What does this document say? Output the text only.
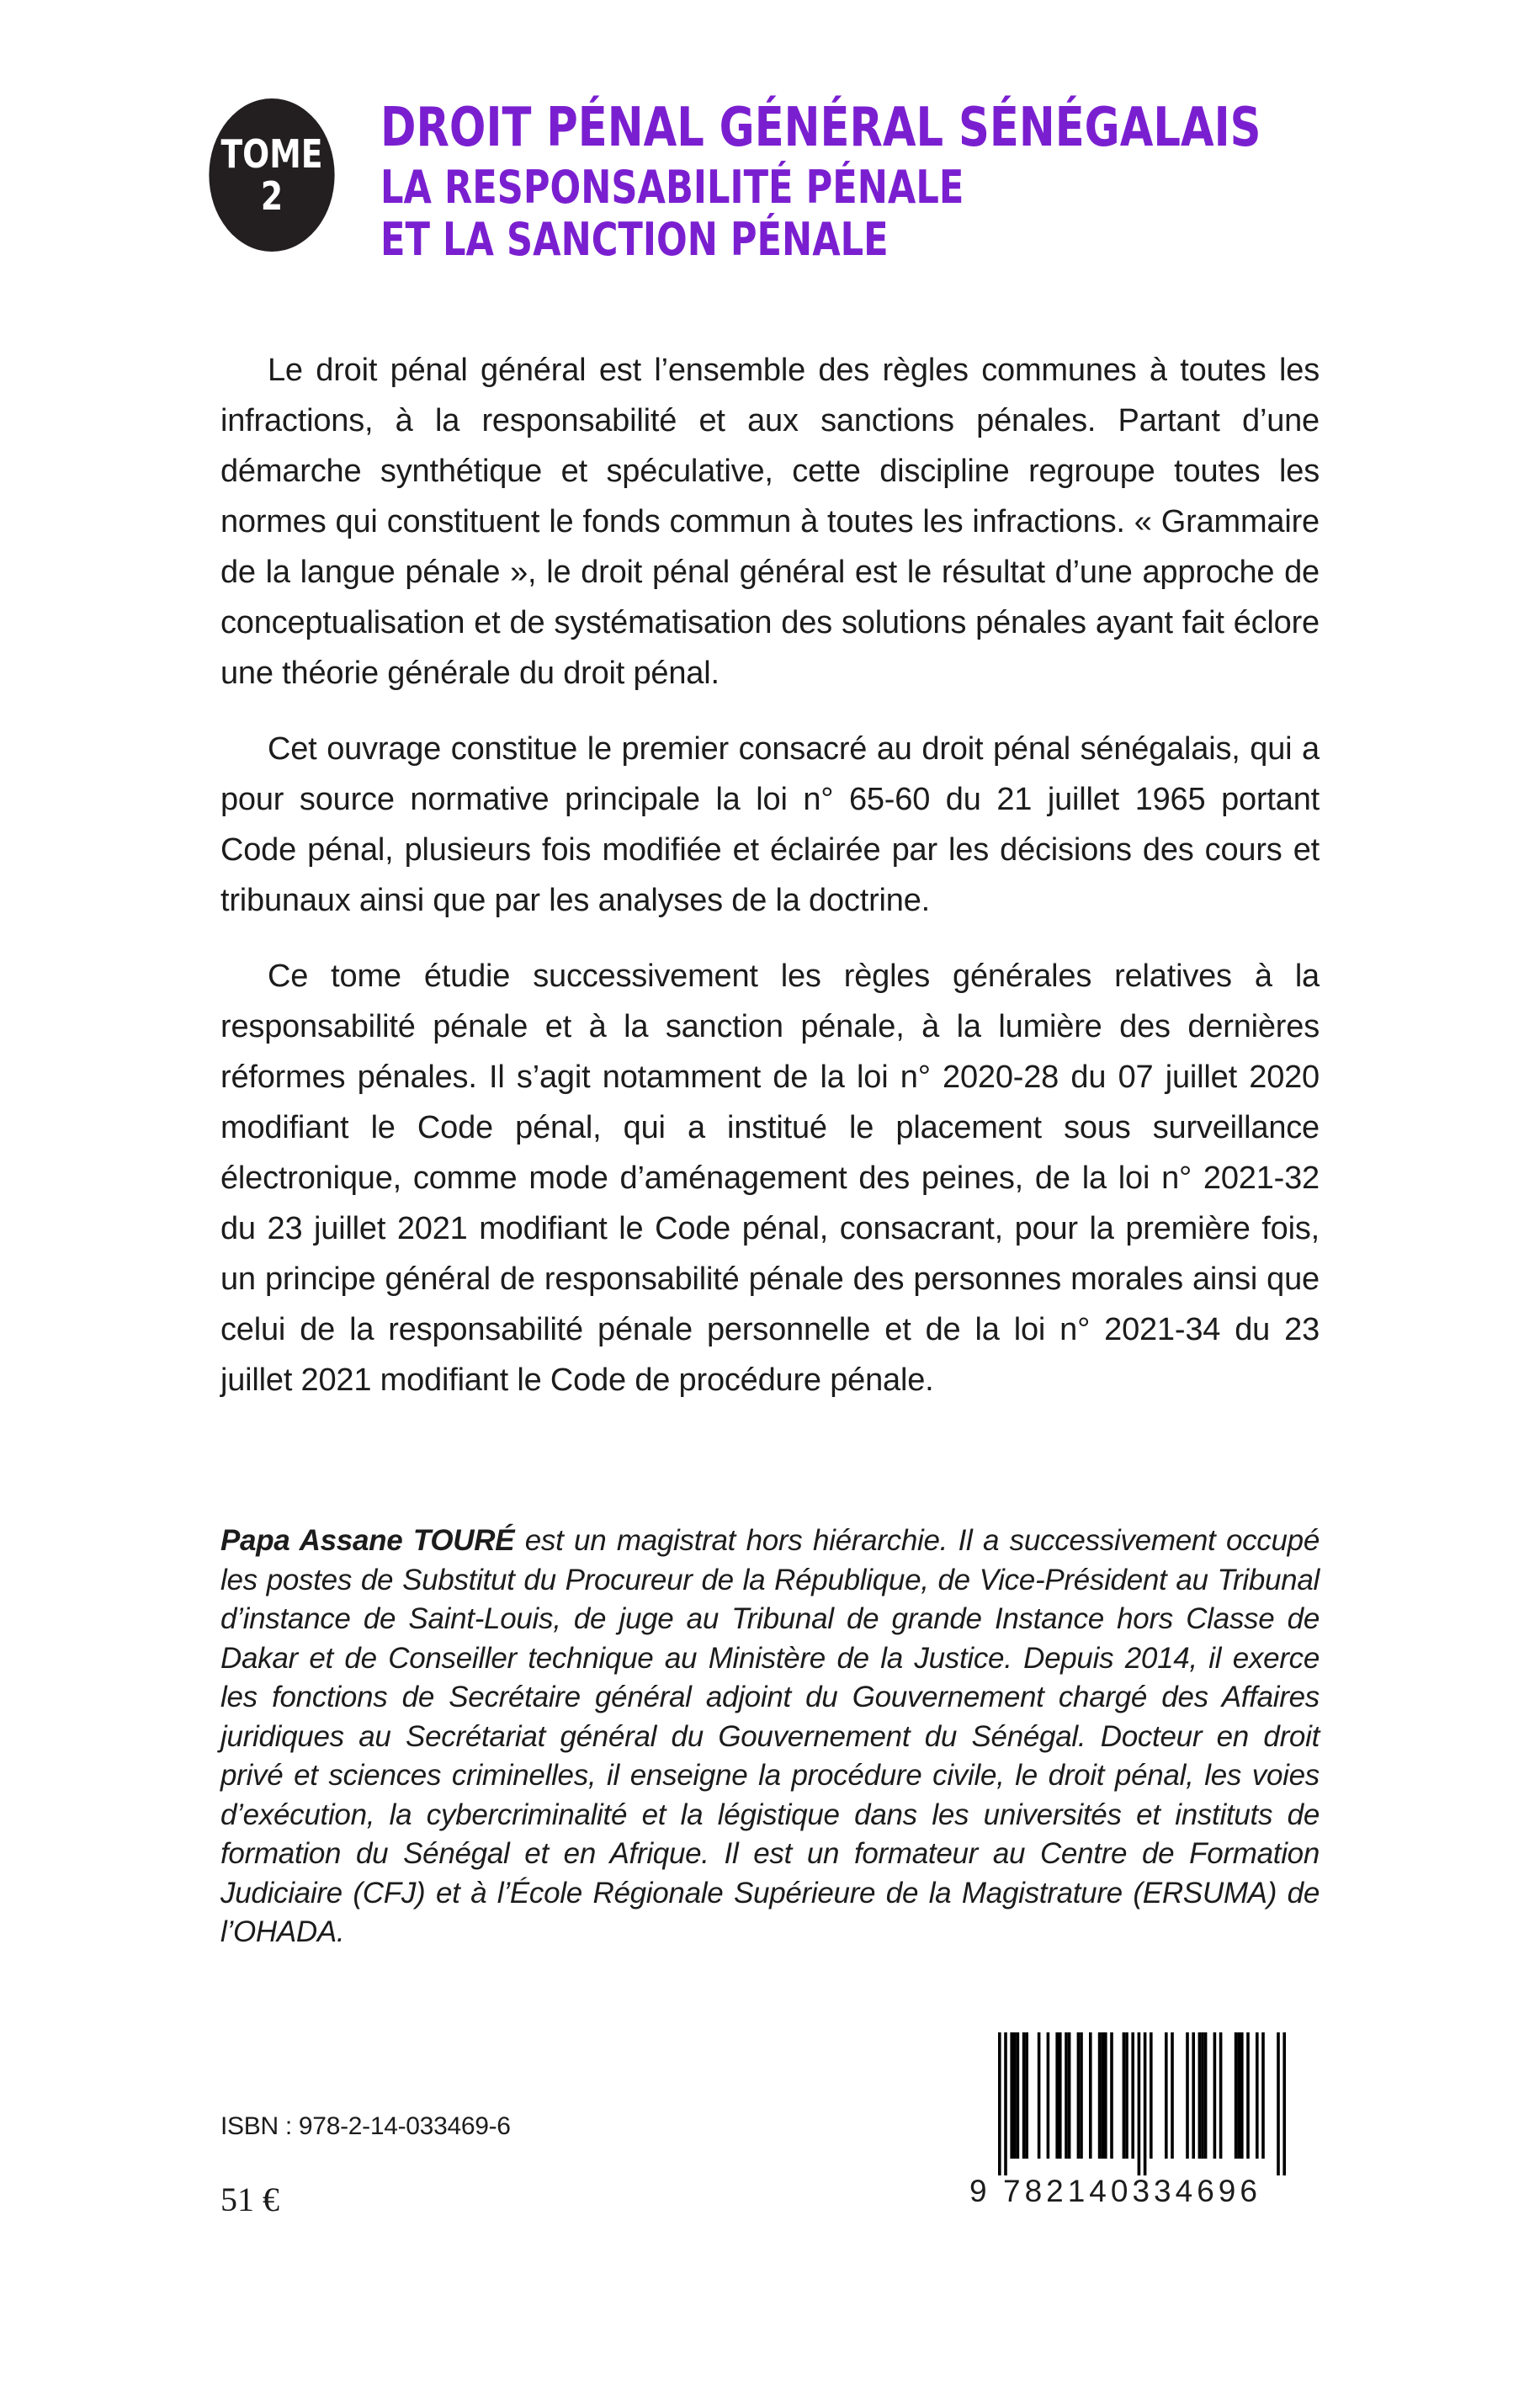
TOME
2
DROIT PÉNAL GÉNÉRAL SÉNÉGALAIS
LA RESPONSABILITÉ PÉNALE
ET LA SANCTION PÉNALE

Le droit pénal général est l’ensemble des règles communes à toutes les infractions, à la responsabilité et aux sanctions pénales. Partant d’une démarche synthétique et spéculative, cette discipline regroupe toutes les normes qui constituent le fonds commun à toutes les infractions. « Grammaire de la langue pénale », le droit pénal général est le résultat d’une approche de conceptualisation et de systématisation des solutions pénales ayant fait éclore une théorie générale du droit pénal.

Cet ouvrage constitue le premier consacré au droit pénal sénégalais, qui a pour source normative principale la loi n° 65-60 du 21 juillet 1965 portant Code pénal, plusieurs fois modifiée et éclairée par les décisions des cours et tribunaux ainsi que par les analyses de la doctrine.

Ce tome étudie successivement les règles générales relatives à la responsabilité pénale et à la sanction pénale, à la lumière des dernières réformes pénales. Il s’agit notamment de la loi n° 2020-28 du 07 juillet 2020 modifiant le Code pénal, qui a institué le placement sous surveillance électronique, comme mode d’aménagement des peines, de la loi n° 2021-32 du 23 juillet 2021 modifiant le Code pénal, consacrant, pour la première fois, un principe général de responsabilité pénale des personnes morales ainsi que celui de la responsabilité pénale personnelle et de la loi n° 2021-34 du 23 juillet 2021 modifiant le Code de procédure pénale.

Papa Assane TOURÉ est un magistrat hors hiérarchie. Il a successivement occupé les postes de Substitut du Procureur de la République, de Vice-Président au Tribunal d’instance de Saint-Louis, de juge au Tribunal de grande Instance hors Classe de Dakar et de Conseiller technique au Ministère de la Justice. Depuis 2014, il exerce les fonctions de Secrétaire général adjoint du Gouvernement chargé des Affaires juridiques au Secrétariat général du Gouvernement du Sénégal. Docteur en droit privé et sciences criminelles, il enseigne la procédure civile, le droit pénal, les voies d’exécution, la cybercriminalité et la légistique dans les universités et instituts de formation du Sénégal et en Afrique. Il est un formateur au Centre de Formation Judiciaire (CFJ) et à l’École Régionale Supérieure de la Magistrature (ERSUMA) de l’OHADA.

ISBN : 978-2-14-033469-6
51 €	9 782140334696
